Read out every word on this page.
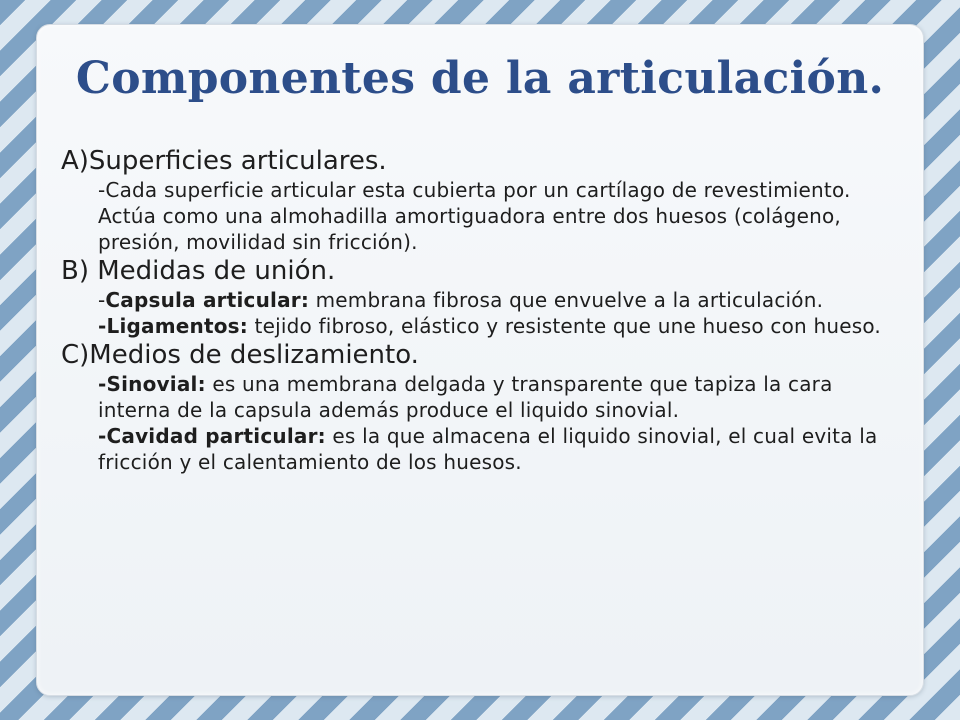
Componentes de la articulación.

A)Superficies articulares.

-Cada superficie articular esta cubierta por un cartílago de revestimiento. Actúa como una almohadilla amortiguadora entre dos huesos (colágeno, presión, movilidad sin fricción).

B) Medidas de unión.

-Capsula articular: membrana fibrosa que envuelve a la articulación.

-Ligamentos: tejido fibroso, elástico y resistente que une hueso con hueso.

C)Medios de deslizamiento.

-Sinovial: es una membrana delgada y transparente que tapiza la cara interna de la capsula además produce el liquido sinovial.

-Cavidad particular: es la que almacena el liquido sinovial, el cual evita la fricción y el calentamiento de los huesos.
